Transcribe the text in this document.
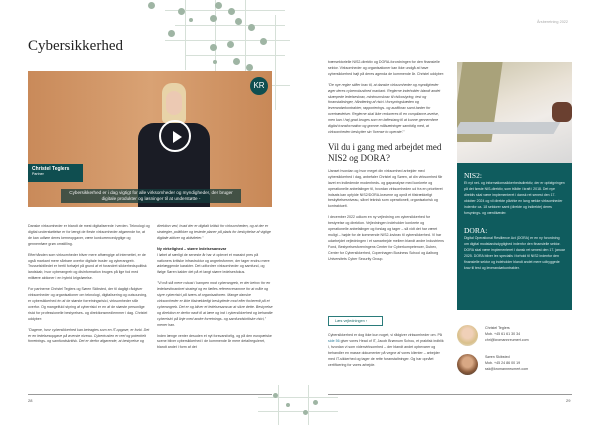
Årsberetning 2022
Cybersikkerhed
KR
Christel Teglers
Partner
Cybersikkerhed er i dag vigtigt for alle virksomheder og myndigheder, der bruger digitale produkter og løsninger til at understøtte -

Danske virksomheder er blandt de mest digitaliserede i verden. Teknologi og digital understøttelse er for længt de fleste virksomheder afgørende for, at de kan udføre deres kerneopgaver, være konkurrencedygtige og gennemføre grøn omstilling.

Efterhånden som virksomheder bliver mere afhængige af internettet, er de også markant mere sårbare overfor digitale trusler og cyberangreb. Trusselsbilledet er hertil forhøjet på grund af et forandret sikkerhedspolitisk landskab, hvor cyberangreb og disinformation bruges på lige fod med militære aktioner i en hybrid krigsførelse.

For partnerne Christel Teglers og Søren Skibsted, der til dagligt rådgiver virksomheder og organisationer om teknologi, digitalisering og outsourcing, er cybersikkerhed én af de største forretningsrisici, virksomheder står overfor. Og mangelfuld styring af cyberrisici er en af de største personlige risici for professionelle bestyrelses- og direktionsmedlemmer i dag. Christel uddyber:

"Dagene, hvor cybersikkerhed kan betragtes som en IT-opgave, er forbi. Det er en ledelsesopgave på øverste niveau. Cybertruslen er reel og potentielt forretnings- og samfundskritisk. Det er derfor afgørende, at bestyrelse og

direktion ved, hvad der er digitalt kritisk for virksomheden, og at der er strategier, politikker og testede planer på plads for beskyttelse af vigtige digitale aktiver og aktiviteter."

Ny virkelighed – større ledelsesansvar

I løbet af særligt de seneste år har vi oplevet et massivt pres på nationers kritiske infrastruktur og angrebsformer, der tager endnu mere ødelæggende karakter. Det udfordrer virksomheder og samfund, og ifølge Søren kalder det på et langt større ledelsesfokus.

"Vi må stå mere robust i kampen mod cyberangreb, er der behov for en ledelsesforankret strategi og en fælles referenceramme for at måle og styre cyberrisici på tværs af organisationen. Mange danske virksomheder er ikke tilstrækkeligt beskyttede mod eller forberedt på et cyberangreb. Det er og bliver et ledelsesansvar at sikre dette. Bestyrelse og direktion er derfor nødt til at lære og ind i cybersikkerhed og behandle cyberrisici på linje med andre forretnings- og samfundskritiske risici," mener han.

Inden længe venter desuden et nyt forsvarsforlig, og på den europæiske scene bliver cybersikkerhed i de kommende år mere detailreguleret, blandt andet i form af det

28

tværsektorielle NIS2-direktiv og DORA-forordningen for den finansielle sektor. Virksomheder og organisationer kan ikke undgå at have cybersikkerhed højt på deres agenda de kommende år. Christel uddyber:

"De nye regler stiller krav til, at danske virksomheder og myndigheder øger deres cyberrobusthed markant. Reglerne indeholder blandt andet skærpede ledelseskrav, minimumskrav til risikostyring, test og foranstaltninger, håndtering af risici i forsyningskæden og leverandørkontrakter, rapporterings- og auditkrav samt bøder for overtrædelser. Reglerne skal ikke reduceres til en compliance-øvelse, men kan i høj grad bruges som en løftestang til at kunne gennemføre digital transformation og grønne målsætninger samtidig med, at virksomheden beskytter sin 'license to operate'."

Vil du i gang med arbejdet med NIS2 og DORA?

Uanset hvordan og hvor meget din virksomhed arbejder med cybersikkerhed i dag, anbefaler Christel og Søren, at din virksomhed får lavet en indledende modenheds- og gapanalyse med konkrete og operationelle anbefalinger til, hvordan virksomheden ud fra en prioriteret indsats kan opfylde NIS2/DORA-kravene og opnå et tilstrækkeligt beskyttelsesniveau, såvel teknisk som operationelt, organisatorisk og kontraktuelt.

I december 2022 udkom en ny vejledning om cybersikkerhed for bestyrelse og direktion. Vejledningen indeholder konkrete og operationelle anbefalinger og forslag og tager – så vidt det har været muligt – højde for de kommende NIS2-lovkrav til cybersikkerhed. Vi har udarbejdet vejledningen i et samarbejde mellem blandt andre Industriens Fond, Bestyrelsesforeningens Center for Cyberkompetencer, Dubex, Center for Cybersikkerhed, Copenhagen Business School og Aalborg Universitets Cyber Security Group.

Læs vejledningen ›
Cybersikkerhed er dog ikke kun noget, vi rådgiver virksomheder om. På side 56 giver vores Head of IT, Jacob Brønnum Schou, et praktisk indblik i, hvordan vi som videnvirksomhed – der blandt andet opbevarer og behandler en masse dokumenter på vegne af vores klienter – arbejder med IT-sikkerhed og tager de rette foranstaltninger. Og har opnået certificering for vores arbejde.
NIS2:
Et nyt net- og informationssikkerhedsdirektiv, der er opfølgningen på det første NIS-direktiv, som trådte i kraft i 2018. Det nye direktiv skal være implementeret i dansk ret senest den 17. oktober 2024 og vil direkte påvirke en lang række virksomheder indenfor ca. 18 sektorer samt (direkte og indirekte) deres forsynings- og værdikæder.
DORA:
Digital Operational Resilience Act (DORA) er en ny forordning om digital modstandsdygtighed indenfor den finansielle sektor. DORA skal være implementeret i dansk ret senest den 17. januar 2025. DORA bliver lex specialis i forhold til NIS2 indenfor den finansielle sektor og indeholder blandt andet mere udbyggede krav til test og leverandørkontrakter.
Christel Teglers
Mob. +45 61 61 30 34
chri@kromannreumert.com
Søren Skibsted
Mob. +45 24 86 00 19
ssk@kromannreumert.com
29
